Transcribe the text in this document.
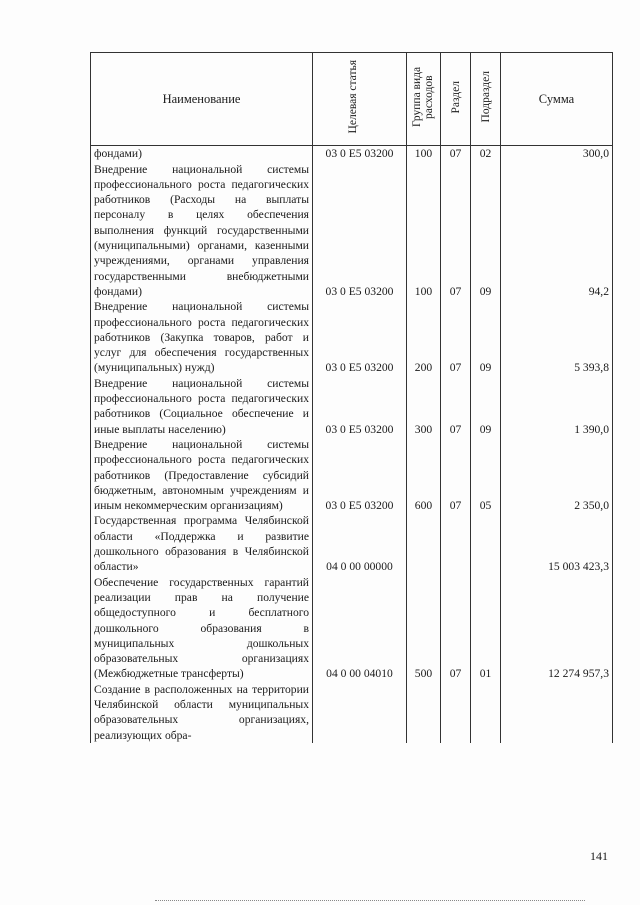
Наименование	Целевая статья	Группа вида расходов	Раздел	Подраздел	Сумма
фондами)	03 0 E5 03200	100	07	02	300,0
Внедрение национальной системы профессионального роста педагогических работников (Расходы на выплаты персоналу в целях обеспечения выполнения функций государственными (муниципальными) органами, казенными учреждениями, органами управления государственными внебюджетными фондами)	03 0 E5 03200	100	07	09	94,2
Внедрение национальной системы профессионального роста педагогических работников (Закупка товаров, работ и услуг для обеспечения государственных (муниципальных) нужд)	03 0 E5 03200	200	07	09	5 393,8
Внедрение национальной системы профессионального роста педагогических работников (Социальное обеспечение и иные выплаты населению)	03 0 E5 03200	300	07	09	1 390,0
Внедрение национальной системы профессионального роста педагогических работников (Предоставление субсидий бюджетным, автономным учреждениям и иным некоммерческим организациям)	03 0 E5 03200	600	07	05	2 350,0
Государственная программа Челябинской области «Поддержка и развитие дошкольного образования в Челябинской области»	04 0 00 00000				15 003 423,3
Обеспечение государственных гарантий реализации прав на получение общедоступного и бесплатного дошкольного образования в муниципальных дошкольных образовательных организациях (Межбюджетные трансферты)	04 0 00 04010	500	07	01	12 274 957,3
Создание в расположенных на территории Челябинской области муниципальных образовательных организациях, реализующих обра-					
141
